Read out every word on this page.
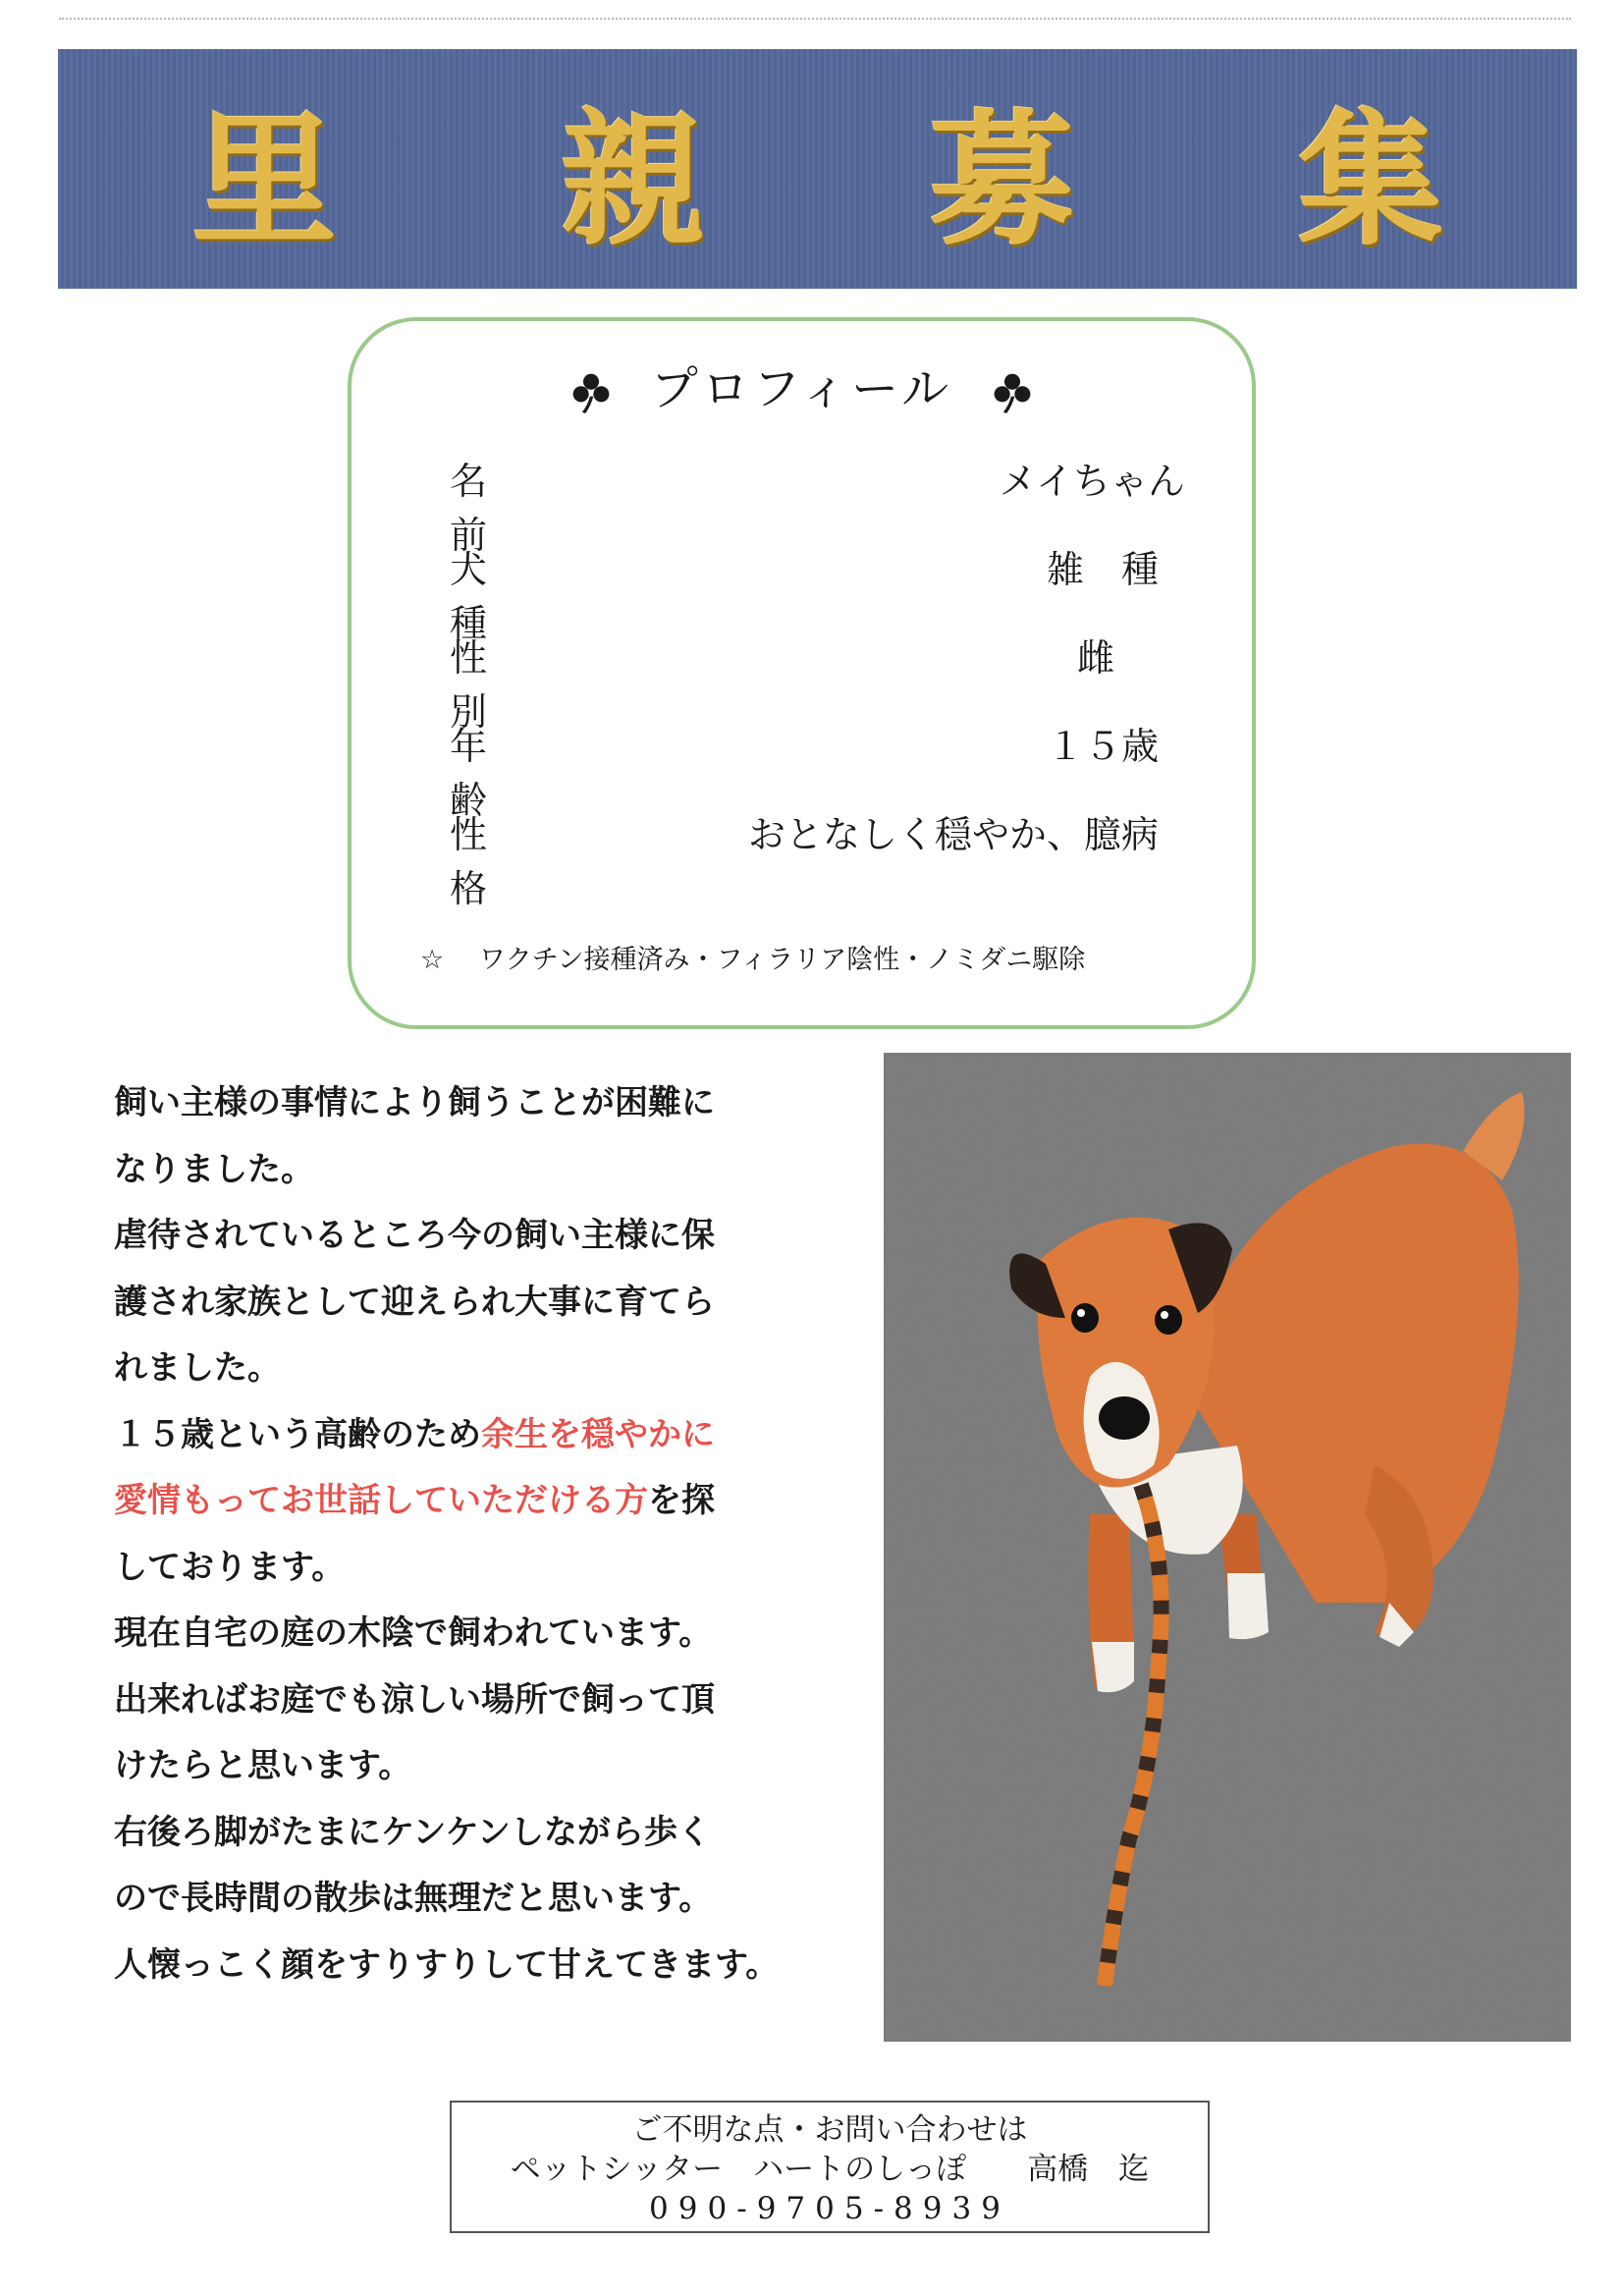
里 親 募 集
プロフィール
名前
メイちゃん
犬種
雑　種
性別
雌
年齢
１５歳
性格
おとなしく穏やか、臆病
☆　 ワクチン接種済み・フィラリア陰性・ノミダニ駆除

飼い主様の事情により飼うことが困難に

なりました。

虐待されているところ今の飼い主様に保

護され家族として迎えられ大事に育てら

れました。

１５歳という高齢のため余生を穏やかに

愛情もってお世話していただける方を探

しております。

現在自宅の庭の木陰で飼われています。

出来ればお庭でも涼しい場所で飼って頂

けたらと思います。

右後ろ脚がたまにケンケンしながら歩く

ので長時間の散歩は無理だと思います。

人懐っこく顔をすりすりして甘えてきます。

ご不明な点・お問い合わせは
ペットシッター　ハートのしっぽ　　高橋　迄
090-9705-8939
